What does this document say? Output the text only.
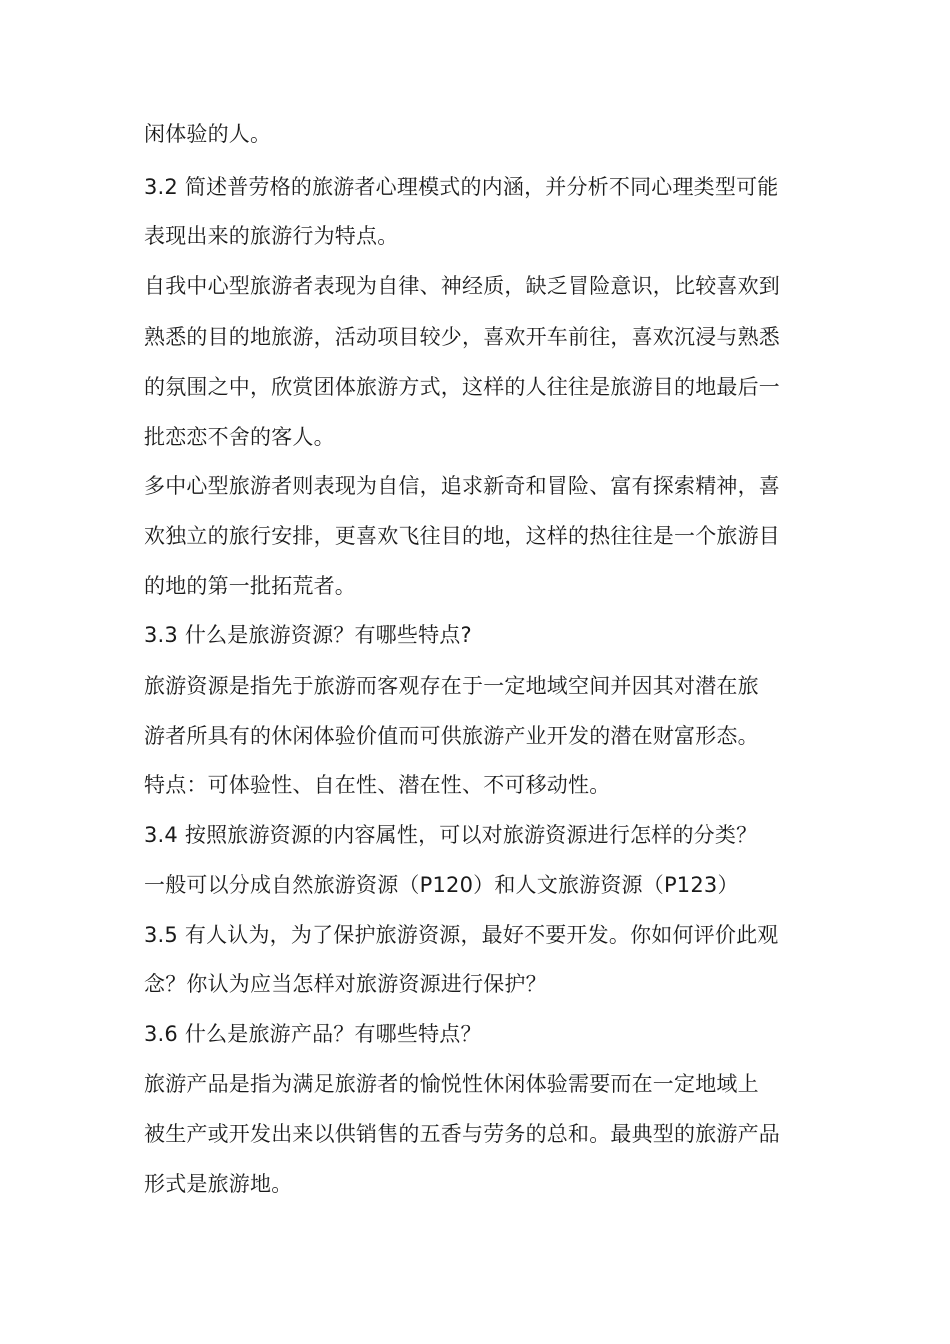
闲体验的人。
3.2 简述普劳格的旅游者心理模式的内涵，并分析不同心理类型可能
表现出来的旅游行为特点。
自我中心型旅游者表现为自律、神经质，缺乏冒险意识，比较喜欢到
熟悉的目的地旅游，活动项目较少，喜欢开车前往，喜欢沉浸与熟悉
的氛围之中，欣赏团体旅游方式，这样的人往往是旅游目的地最后一
批恋恋不舍的客人。
多中心型旅游者则表现为自信，追求新奇和冒险、富有探索精神，喜
欢独立的旅行安排，更喜欢飞往目的地，这样的热往往是一个旅游目
的地的第一批拓荒者。
3.3 什么是旅游资源？有哪些特点?
旅游资源是指先于旅游而客观存在于一定地域空间并因其对潜在旅
游者所具有的休闲体验价值而可供旅游产业开发的潜在财富形态。
特点：可体验性、自在性、潜在性、不可移动性。
3.4 按照旅游资源的内容属性，可以对旅游资源进行怎样的分类？
一般可以分成自然旅游资源（P120）和人文旅游资源（P123）
3.5 有人认为，为了保护旅游资源，最好不要开发。你如何评价此观
念？你认为应当怎样对旅游资源进行保护？
3.6 什么是旅游产品？有哪些特点？
旅游产品是指为满足旅游者的愉悦性休闲体验需要而在一定地域上
被生产或开发出来以供销售的五香与劳务的总和。最典型的旅游产品
形式是旅游地。
